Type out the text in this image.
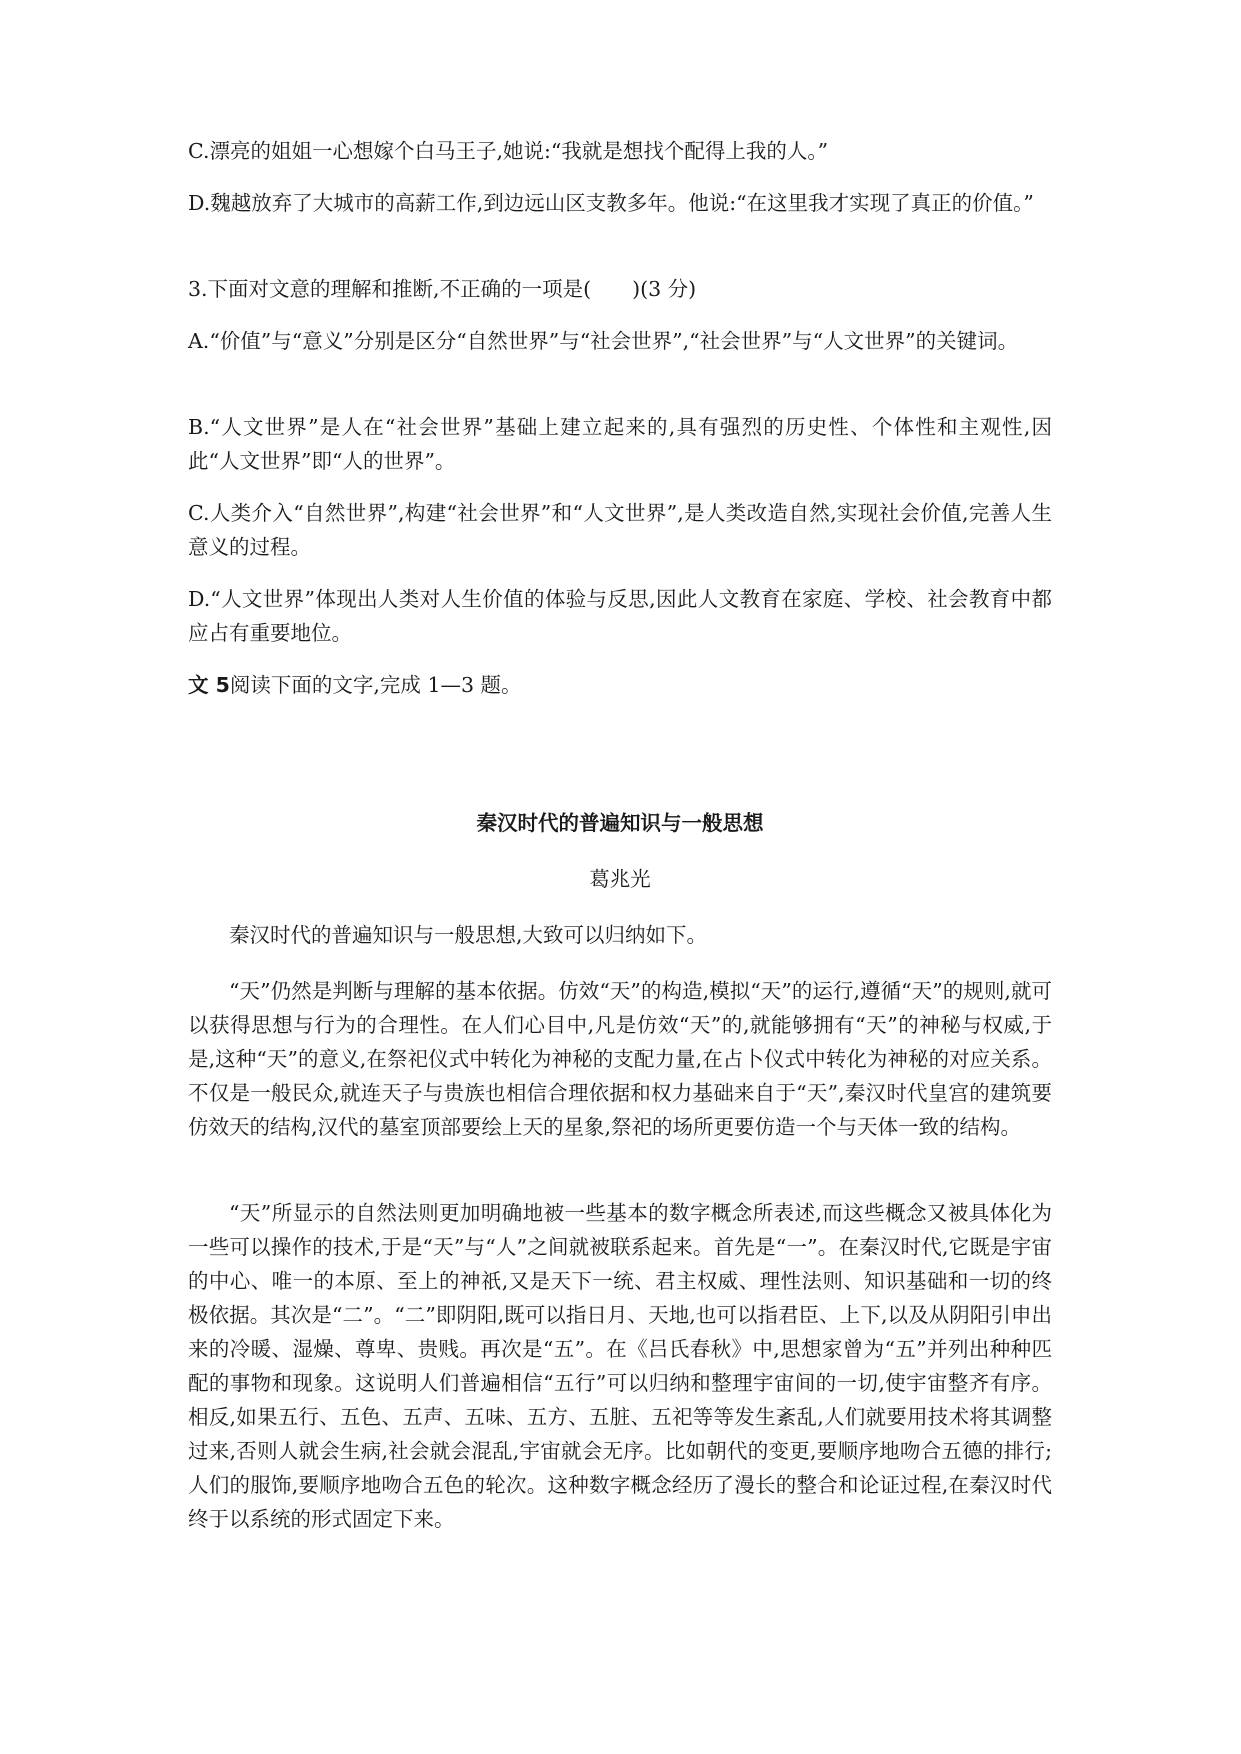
C.漂亮的姐姐一心想嫁个白马王子,她说:“我就是想找个配得上我的人。”

D.魏越放弃了大城市的高薪工作,到边远山区支教多年。他说:“在这里我才实现了真正的价值。”

3.下面对文意的理解和推断,不正确的一项是(　　)(3 分)

A.“价值”与“意义”分别是区分“自然世界”与“社会世界”,“社会世界”与“人文世界”的关键词。

B.“人文世界”是人在“社会世界”基础上建立起来的,具有强烈的历史性、个体性和主观性,因此“人文世界”即“人的世界”。

C.人类介入“自然世界”,构建“社会世界”和“人文世界”,是人类改造自然,实现社会价值,完善人生意义的过程。

D.“人文世界”体现出人类对人生价值的体验与反思,因此人文教育在家庭、学校、社会教育中都应占有重要地位。

文 5阅读下面的文字,完成 1—3 题。

秦汉时代的普遍知识与一般思想
葛兆光

秦汉时代的普遍知识与一般思想,大致可以归纳如下。

“天”仍然是判断与理解的基本依据。仿效“天”的构造,模拟“天”的运行,遵循“天”的规则,就可以获得思想与行为的合理性。在人们心目中,凡是仿效“天”的,就能够拥有“天”的神秘与权威,于是,这种“天”的意义,在祭祀仪式中转化为神秘的支配力量,在占卜仪式中转化为神秘的对应关系。不仅是一般民众,就连天子与贵族也相信合理依据和权力基础来自于“天”,秦汉时代皇宫的建筑要仿效天的结构,汉代的墓室顶部要绘上天的星象,祭祀的场所更要仿造一个与天体一致的结构。

“天”所显示的自然法则更加明确地被一些基本的数字概念所表述,而这些概念又被具体化为一些可以操作的技术,于是“天”与“人”之间就被联系起来。首先是“一”。在秦汉时代,它既是宇宙的中心、唯一的本原、至上的神祇,又是天下一统、君主权威、理性法则、知识基础和一切的终极依据。其次是“二”。“二”即阴阳,既可以指日月、天地,也可以指君臣、上下,以及从阴阳引申出来的冷暖、湿燥、尊卑、贵贱。再次是“五”。在《吕氏春秋》中,思想家曾为“五”并列出种种匹配的事物和现象。这说明人们普遍相信“五行”可以归纳和整理宇宙间的一切,使宇宙整齐有序。相反,如果五行、五色、五声、五味、五方、五脏、五祀等等发生紊乱,人们就要用技术将其调整过来,否则人就会生病,社会就会混乱,宇宙就会无序。比如朝代的变更,要顺序地吻合五德的排行;人们的服饰,要顺序地吻合五色的轮次。这种数字概念经历了漫长的整合和论证过程,在秦汉时代终于以系统的形式固定下来。
